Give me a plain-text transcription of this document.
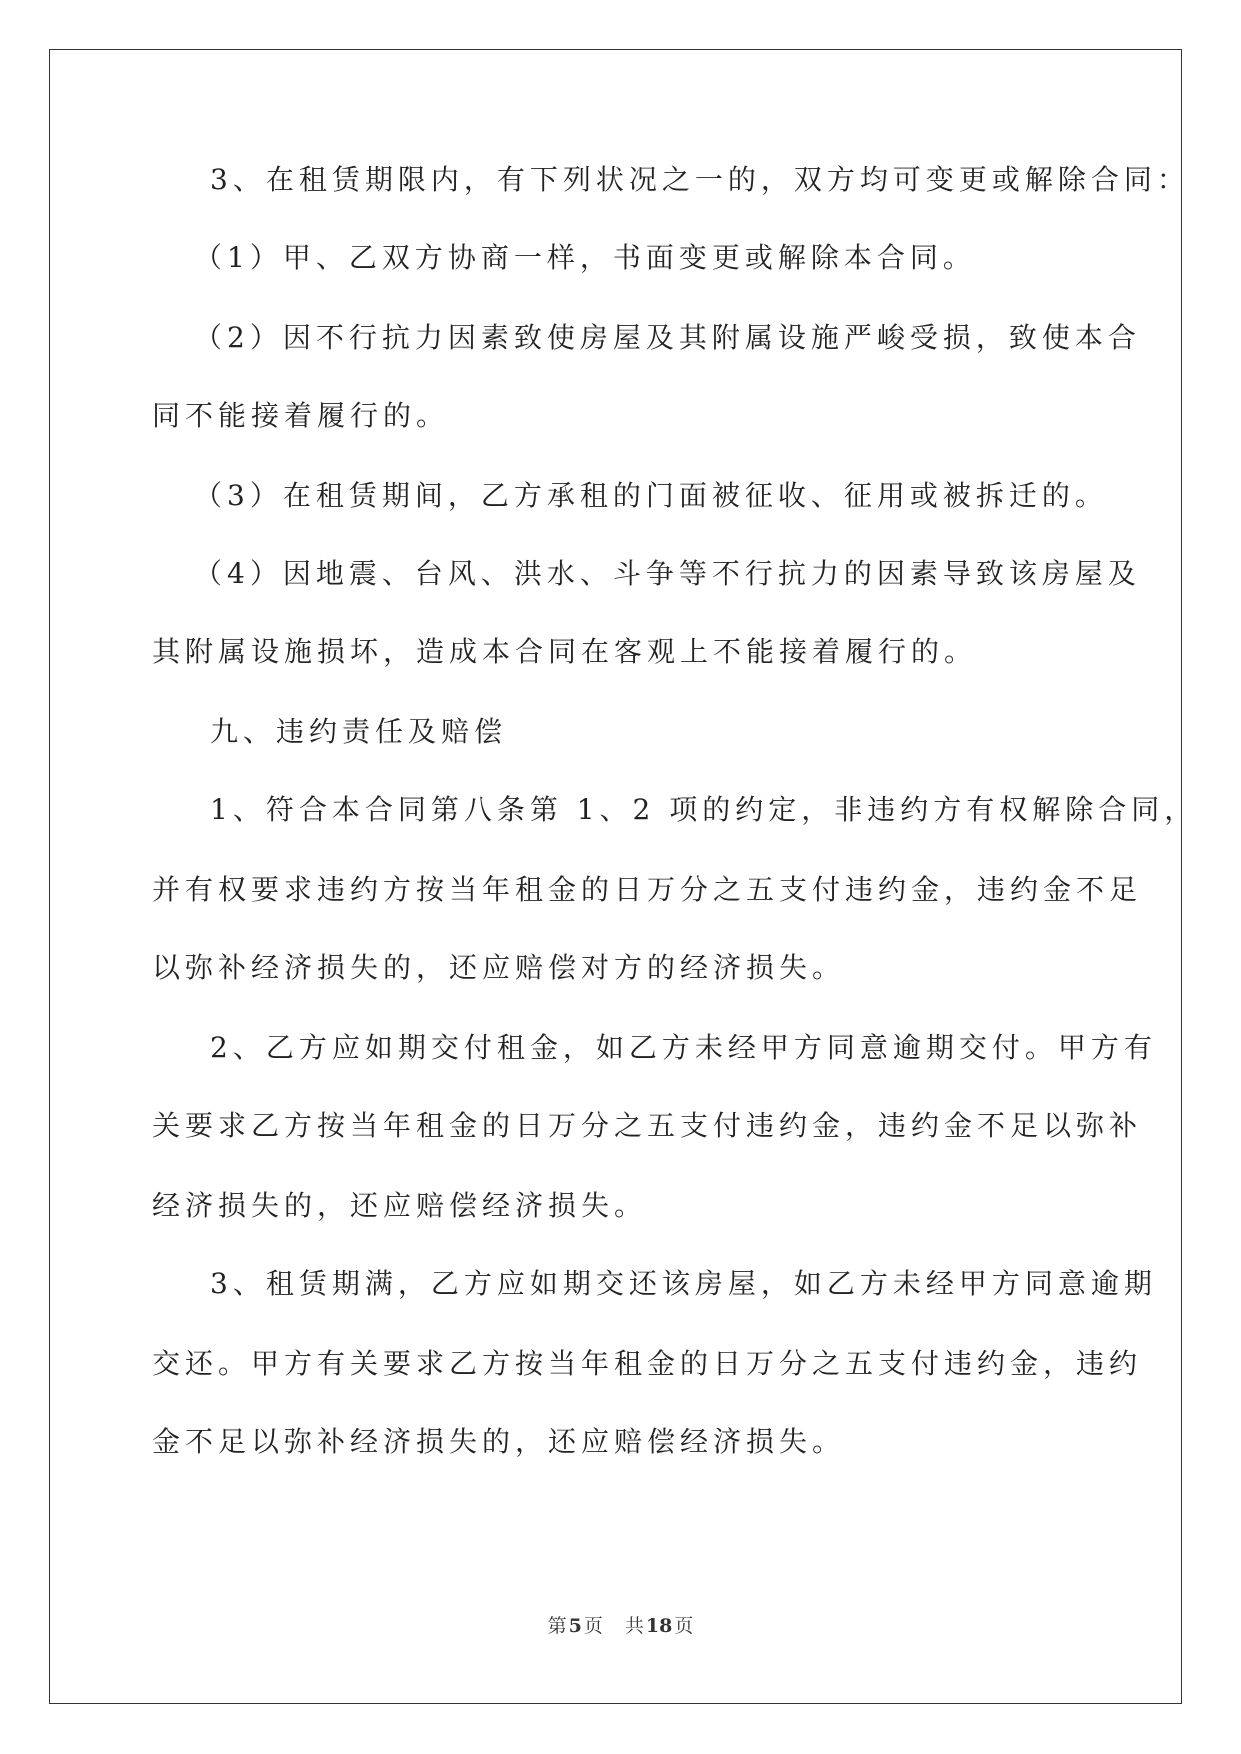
3、在租赁期限内，有下列状况之一的，双方均可变更或解除合同：
（1）甲、乙双方协商一样，书面变更或解除本合同。
（2）因不行抗力因素致使房屋及其附属设施严峻受损，致使本合
同不能接着履行的。
（3）在租赁期间，乙方承租的门面被征收、征用或被拆迁的。
（4）因地震、台风、洪水、斗争等不行抗力的因素导致该房屋及
其附属设施损坏，造成本合同在客观上不能接着履行的。
九、违约责任及赔偿
1、符合本合同第八条第 1、2 项的约定，非违约方有权解除合同，
并有权要求违约方按当年租金的日万分之五支付违约金，违约金不足
以弥补经济损失的，还应赔偿对方的经济损失。
2、乙方应如期交付租金，如乙方未经甲方同意逾期交付。甲方有
关要求乙方按当年租金的日万分之五支付违约金，违约金不足以弥补
经济损失的，还应赔偿经济损失。
3、租赁期满，乙方应如期交还该房屋，如乙方未经甲方同意逾期
交还。甲方有关要求乙方按当年租金的日万分之五支付违约金，违约
金不足以弥补经济损失的，还应赔偿经济损失。
第 5 页 共 18 页
